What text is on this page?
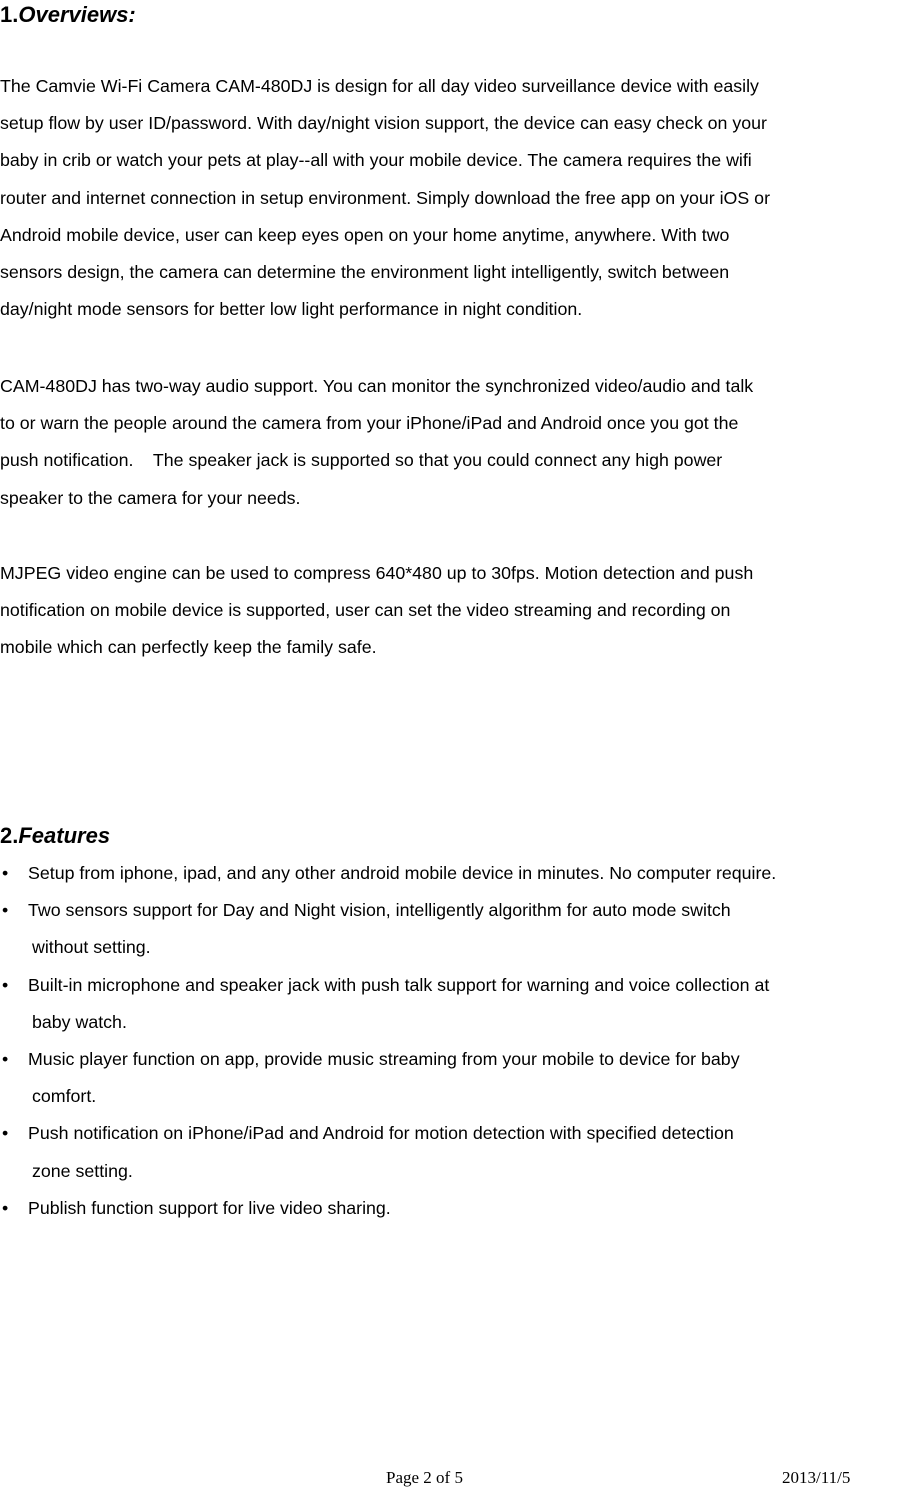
1.Overviews:

The Camvie Wi-Fi Camera CAM-480DJ is design for all day video surveillance device with easily
setup flow by user ID/password. With day/night vision support, the device can easy check on your
baby in crib or watch your pets at play--all with your mobile device. The camera requires the wifi
router and internet connection in setup environment. Simply download the free app on your iOS or
Android mobile device, user can keep eyes open on your home anytime, anywhere. With two
sensors design, the camera can determine the environment light intelligently, switch between
day/night mode sensors for better low light performance in night condition.

CAM-480DJ has two-way audio support. You can monitor the synchronized video/audio and talk
to or warn the people around the camera from your iPhone/iPad and Android once you got the
push notification.    The speaker jack is supported so that you could connect any high power
speaker to the camera for your needs.

MJPEG video engine can be used to compress 640*480 up to 30fps. Motion detection and push
notification on mobile device is supported, user can set the video streaming and recording on
mobile which can perfectly keep the family safe.

2.Features
• Setup from iphone, ipad, and any other android mobile device in minutes. No computer require.
• Two sensors support for Day and Night vision, intelligently algorithm for auto mode switch
without setting.
• Built-in microphone and speaker jack with push talk support for warning and voice collection at
baby watch.
• Music player function on app, provide music streaming from your mobile to device for baby
comfort.
• Push notification on iPhone/iPad and Android for motion detection with specified detection
zone setting.
• Publish function support for live video sharing.
Page 2 of 5	2013/11/5
